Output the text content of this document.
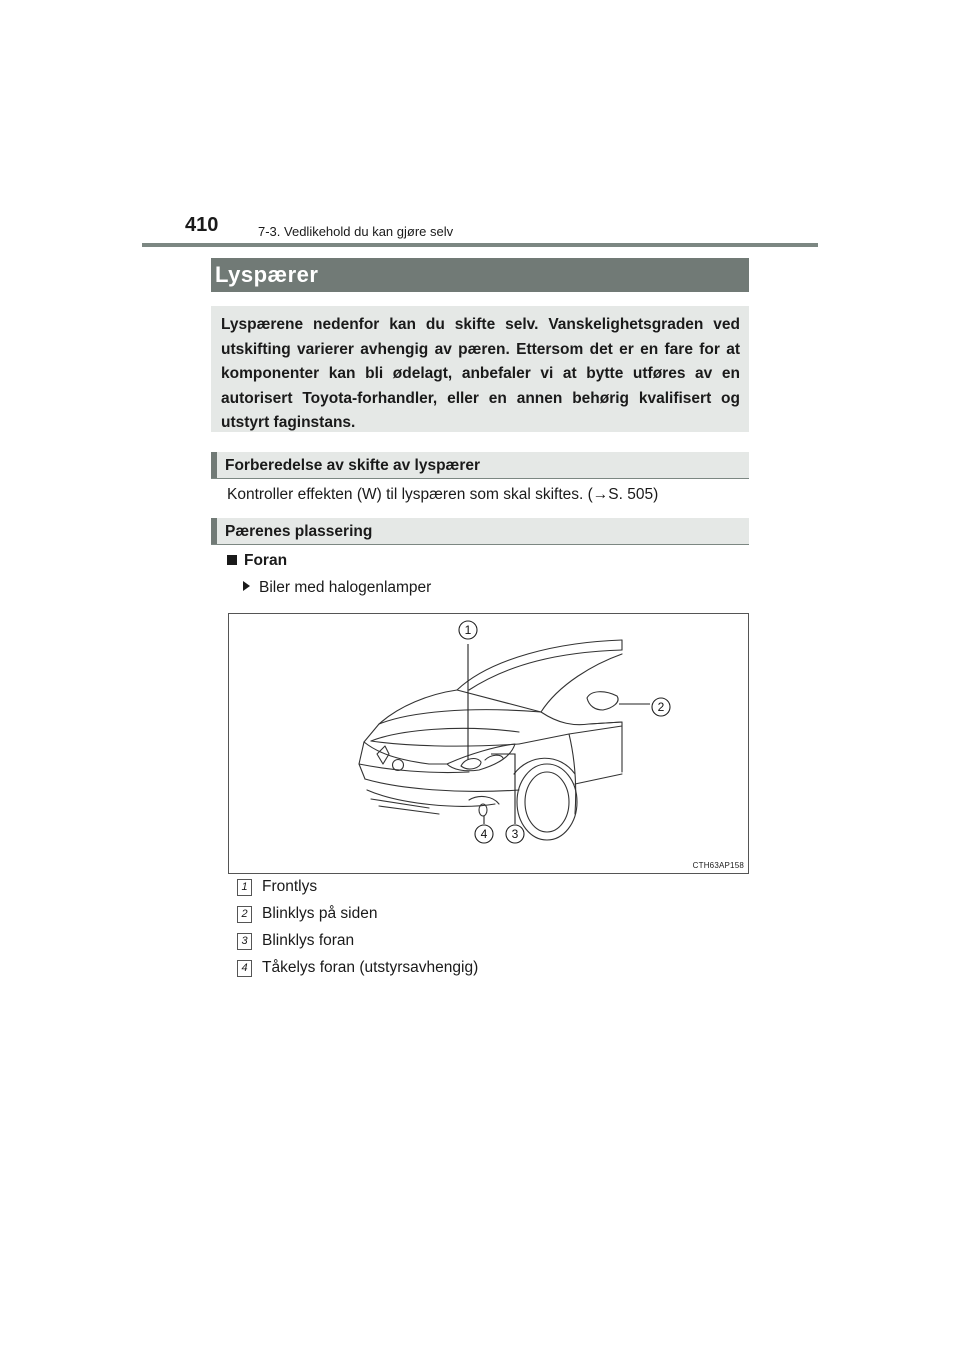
410	7-3. Vedlikehold du kan gjøre selv
Lyspærer

Lyspærene nedenfor kan du skifte selv. Vanskelighetsgraden ved utskifting varierer avhengig av pæren. Ettersom det er en fare for at komponenter kan bli ødelagt, anbefaler vi at bytte utføres av en autorisert Toyota-forhandler, eller en annen behørig kvalifisert og utstyrt faginstans.

Forberedelse av skifte av lyspærer
Kontroller effekten (W) til lyspæren som skal skiftes. (→S. 505)
Pærenes plassering
Foran
Biler med halogenlamper
1
2
3
4
CTH63AP158
1 Frontlys
2 Blinklys på siden
3 Blinklys foran
4 Tåkelys foran (utstyrsavhengig)
